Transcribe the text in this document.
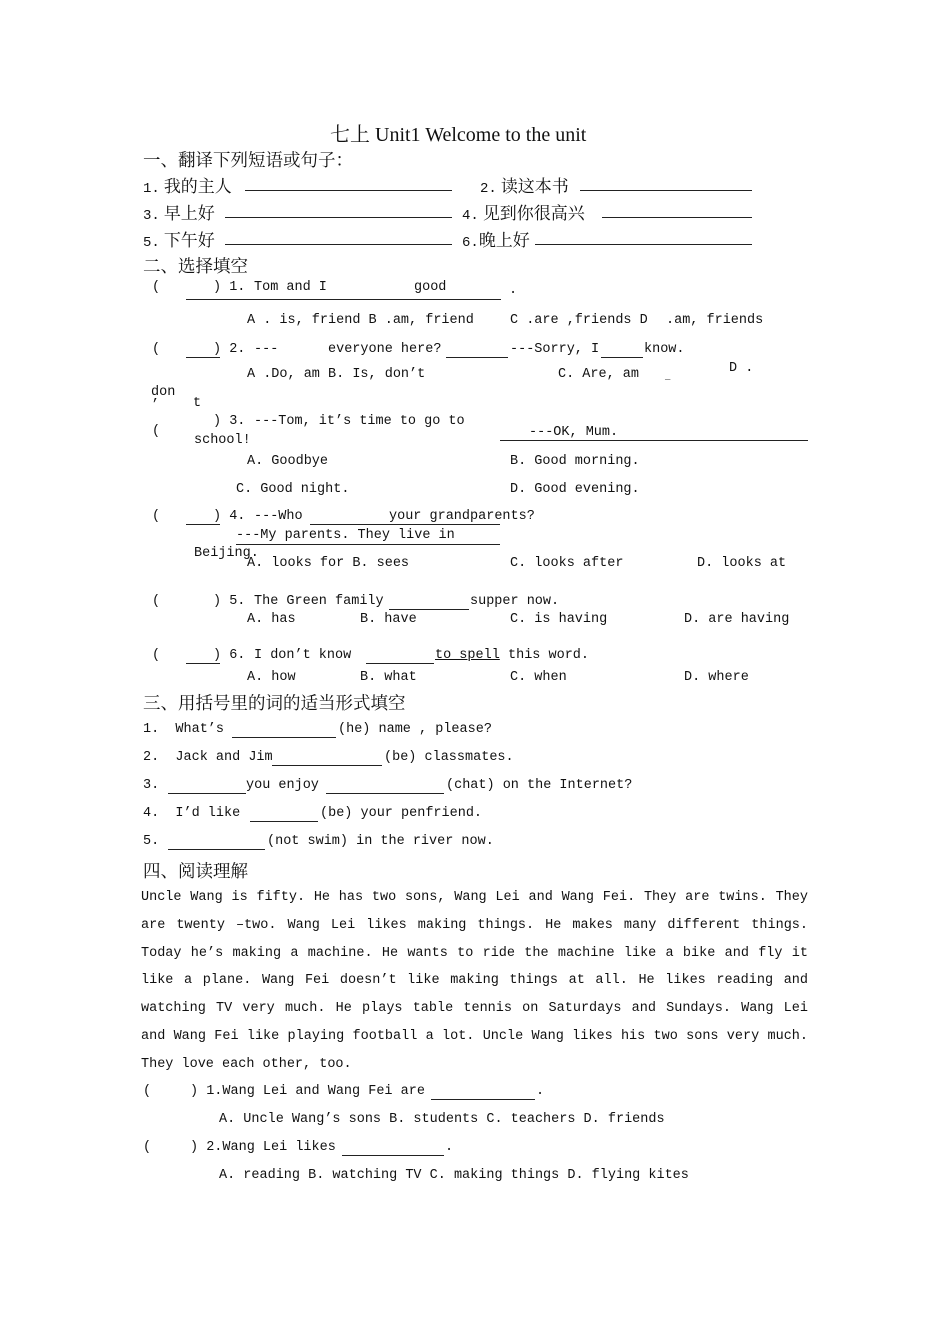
七上 Unit1 Welcome to the unit
一、翻译下列短语或句子：
1. 我的主人	2. 读这本书
3. 早上好	4. 见到你很高兴
5. 下午好	6.晚上好
二、选择填空
(	) 1. Tom and I	good	.
A . is, friend B .am, friend	C .are ,friends D .am, friends
(	) 2. ---	everyone here?	---Sorry, I	know.
A .Do, am B. Is, don’t	C. Are, am	D .
_
don
’	t
(
) 3. ---Tom, it’s time to go to
school!
---OK, Mum.
A. Goodbye	B. Good morning.
C. Good night.	D. Good evening.
(	) 4. ---Who	your grandparents?
---My parents. They live in
Beijing.
A. looks for B. sees	C. looks after	D. looks at
(	) 5. The Green family	supper now.
A. has	B. have	C. is having	D. are having
(	) 6. I don’t know	to spell this word.
A. how	B. what	C. when	D. where
三、用括号里的词的适当形式填空
1. What’s	(he) name , please?
2. Jack and Jim	(be) classmates.
3.	you enjoy	(chat) on the Internet?
4. I’d like	(be) your penfriend.
5.	(not swim) in the river now.
四、阅读理解
Uncle Wang is fifty. He has two sons, Wang Lei and Wang Fei. They are twins. They are twenty –two. Wang Lei likes making things. He makes many different things. Today he’s making a machine. He wants to ride the machine like a bike and fly it like a plane. Wang Fei doesn’t like making things at all. He likes reading and watching TV very much. He plays table tennis on Saturdays and Sundays. Wang Lei and Wang Fei like playing football a lot. Uncle Wang likes his two sons very much. They love each other, too.
(	) 1.Wang Lei and Wang Fei are	.
A. Uncle Wang’s sons B. students C. teachers D. friends
(	) 2.Wang Lei likes	.
A. reading B. watching TV C. making things D. flying kites
